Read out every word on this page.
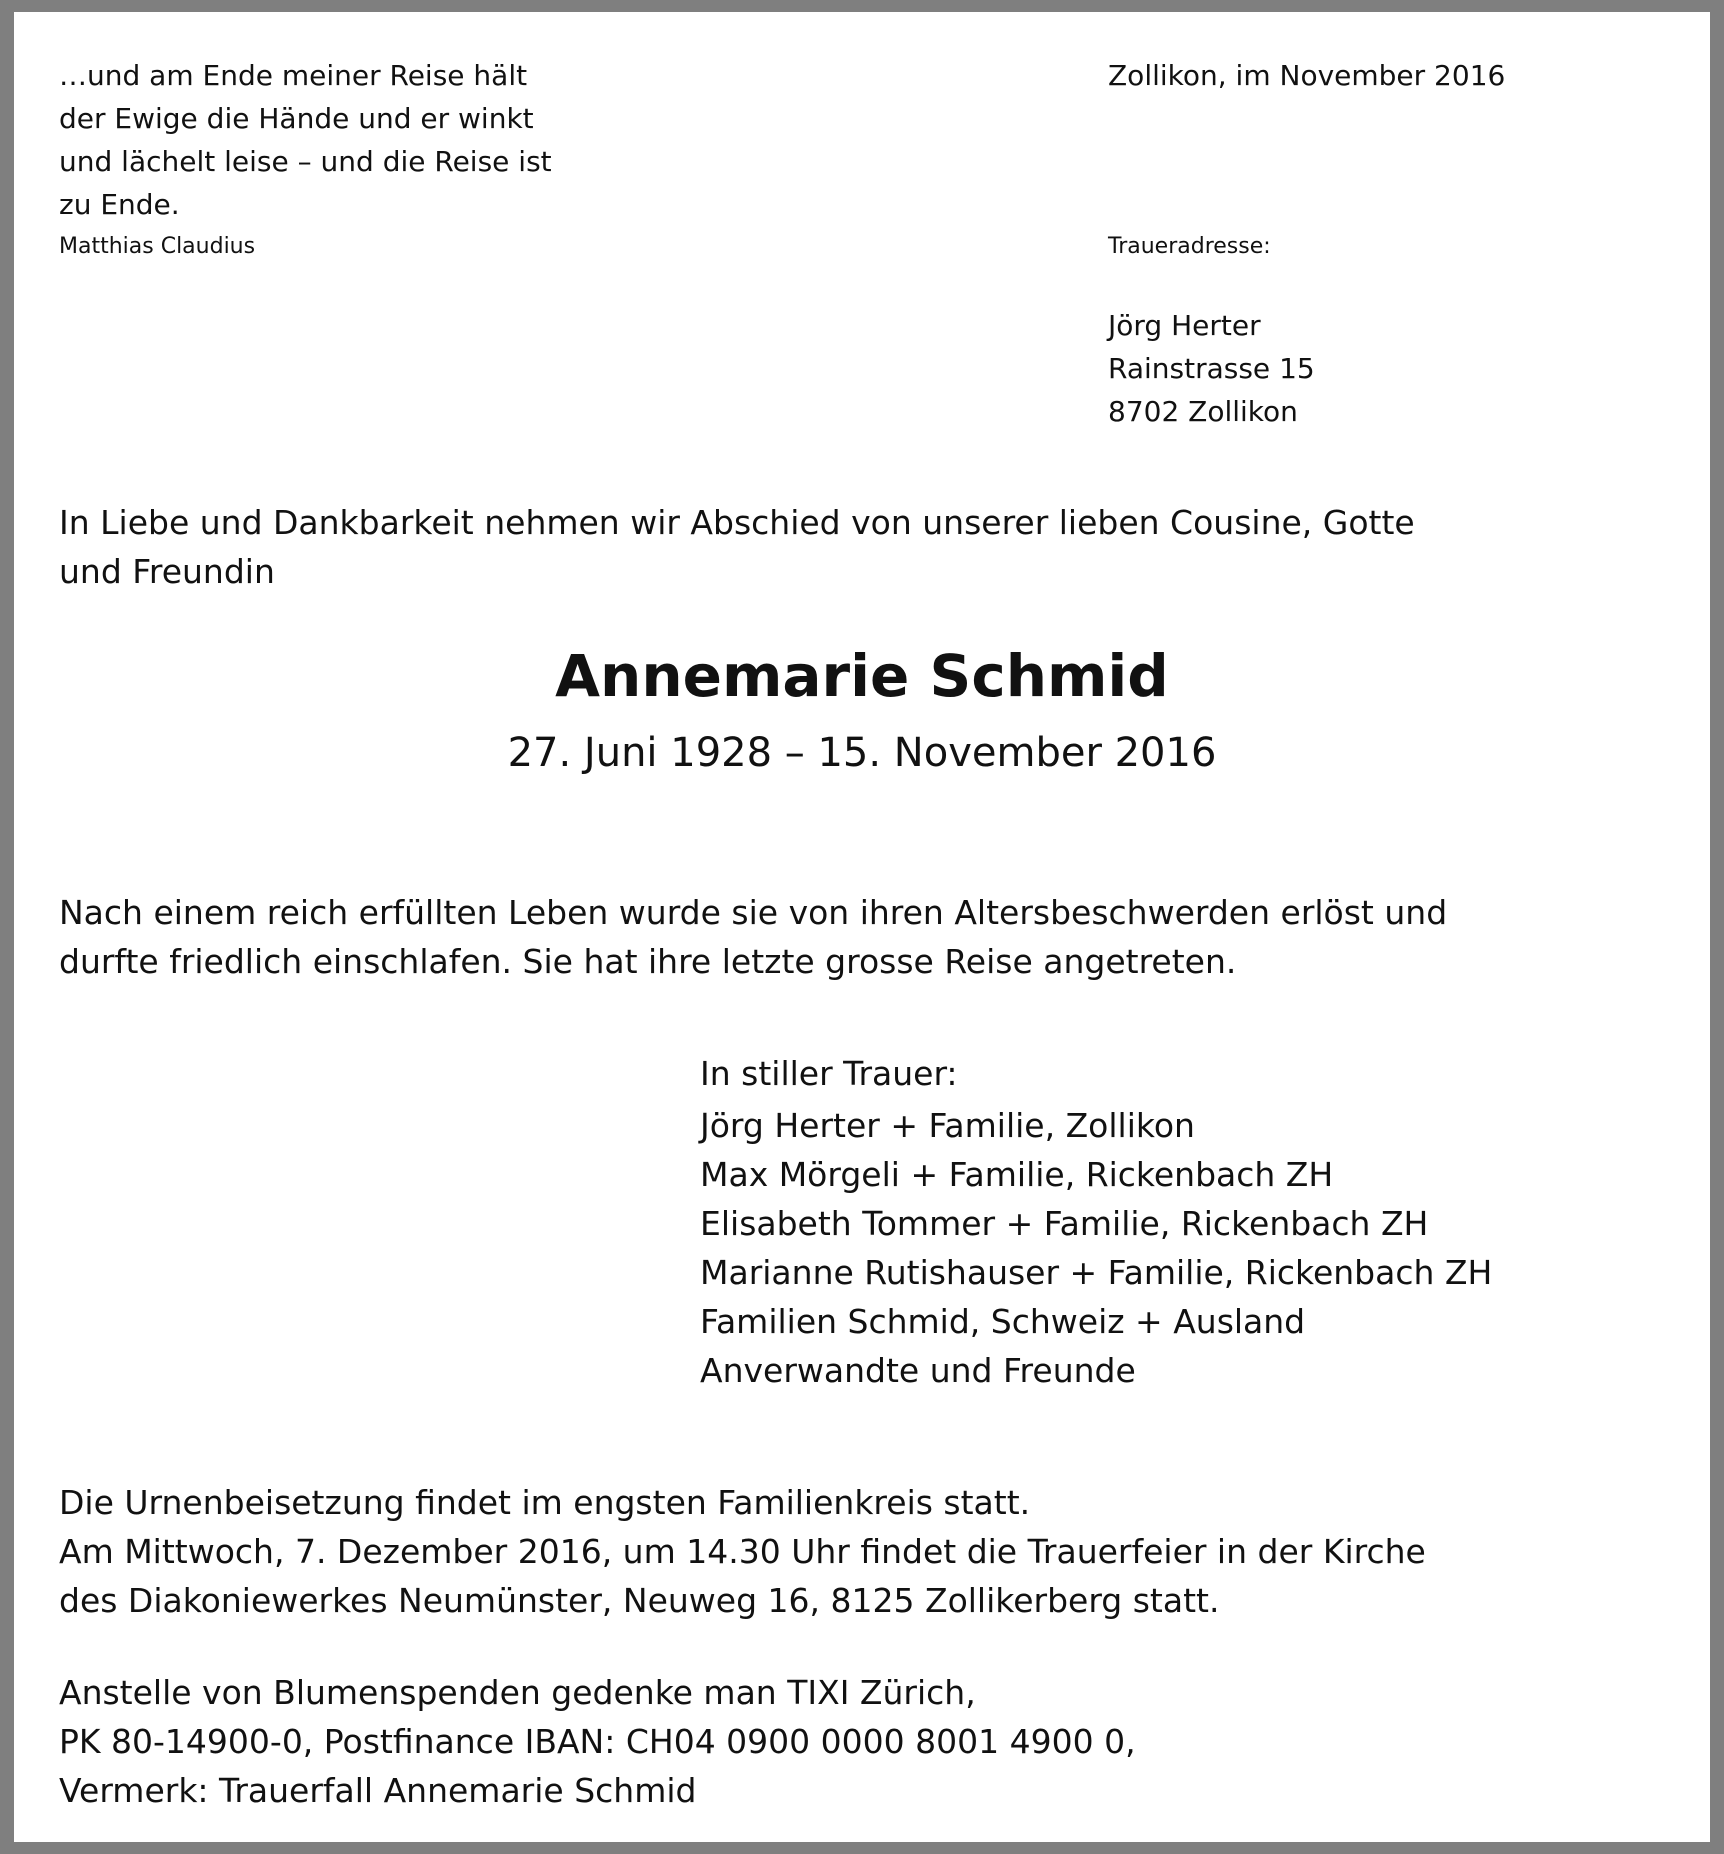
…und am Ende meiner Reise hält
der Ewige die Hände und er winkt
und lächelt leise – und die Reise ist
zu Ende.
Matthias Claudius
Zollikon, im November 2016
Traueradresse:
Jörg Herter
Rainstrasse 15
8702 Zollikon
In Liebe und Dankbarkeit nehmen wir Abschied von unserer lieben Cousine, Gotte
und Freundin
Annemarie Schmid
27. Juni 1928 – 15. November 2016
Nach einem reich erfüllten Leben wurde sie von ihren Altersbeschwerden erlöst und
durfte friedlich einschlafen. Sie hat ihre letzte grosse Reise angetreten.
In stiller Trauer:
Jörg Herter + Familie, Zollikon
Max Mörgeli + Familie, Rickenbach ZH
Elisabeth Tommer + Familie, Rickenbach ZH
Marianne Rutishauser + Familie, Rickenbach ZH
Familien Schmid, Schweiz + Ausland
Anverwandte und Freunde
Die Urnenbeisetzung findet im engsten Familienkreis statt.
Am Mittwoch, 7. Dezember 2016, um 14.30 Uhr findet die Trauerfeier in der Kirche
des Diakoniewerkes Neumünster, Neuweg 16, 8125 Zollikerberg statt.
Anstelle von Blumenspenden gedenke man TIXI Zürich,
PK 80-14900-0, Postfinance IBAN: CH04 0900 0000 8001 4900 0,
Vermerk: Trauerfall Annemarie Schmid
